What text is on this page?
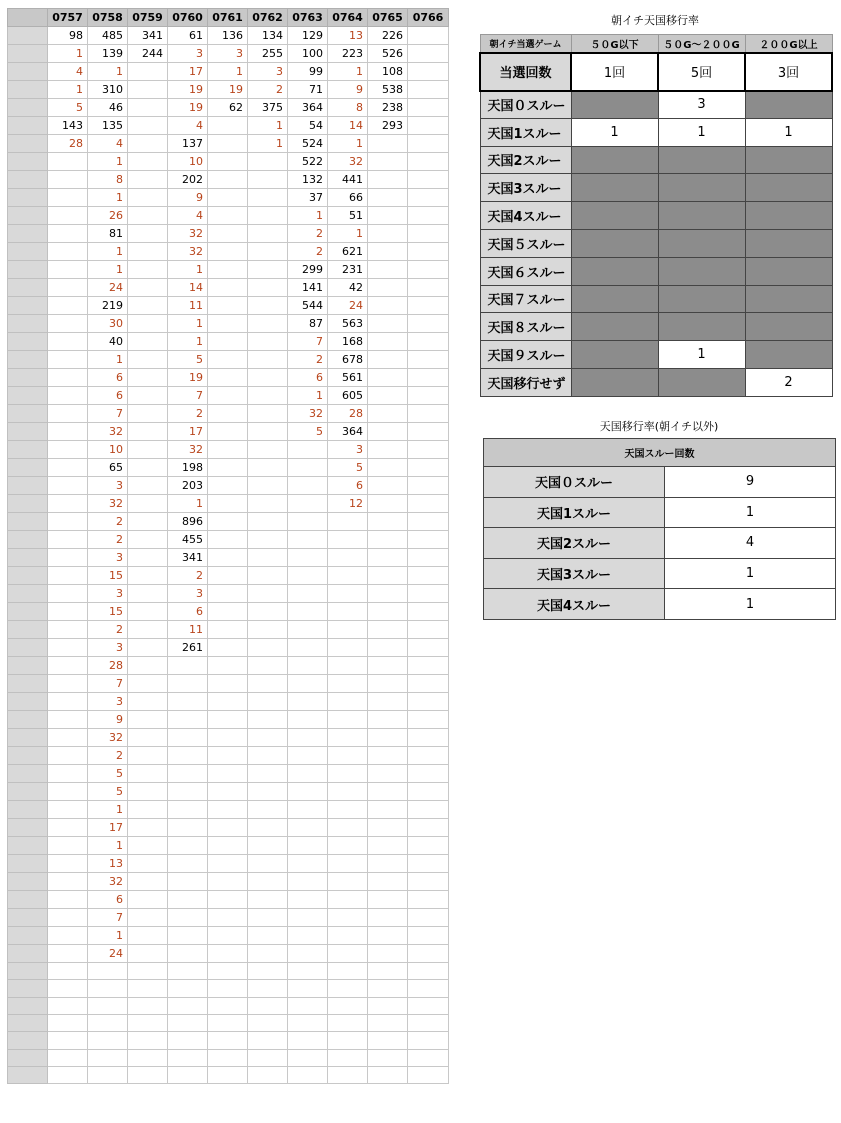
	0757	0758	0759	0760	0761	0762	0763	0764	0765	0766
	98	485	341	61	136	134	129	13	226	
	1	139	244	3	3	255	100	223	526	
	4	1		17	1	3	99	1	108	
	1	310		19	19	2	71	9	538	
	5	46		19	62	375	364	8	238	
	143	135		4		1	54	14	293	
	28	4		137		1	524	1		
		1		10			522	32		
		8		202			132	441		
		1		9			37	66		
		26		4			1	51		
		81		32			2	1		
		1		32			2	621		
		1		1			299	231		
		24		14			141	42		
		219		11			544	24		
		30		1			87	563		
		40		1			7	168		
		1		5			2	678		
		6		19			6	561		
		6		7			1	605		
		7		2			32	28		
		32		17			5	364		
		10		32				3		
		65		198				5		
		3		203				6		
		32		1				12		
		2		896						
		2		455						
		3		341						
		15		2						
		3		3						
		15		6						
		2		11						
		3		261						
		28								
		7								
		3								
		9								
		32								
		2								
		5								
		5								
		1								
		17								
		1								
		13								
		32								
		6								
		7								
		1								
		24								

朝イチ天国移行率
朝イチ当選ゲーム	５０G以下	５０G～２００G	２００G以上
当選回数	1回	5回	3回
天国０スルー		3	
天国1スルー	1	1	1
天国2スルー			
天国3スルー			
天国4スルー			
天国５スルー			
天国６スルー			
天国７スルー			
天国８スルー			
天国９スルー		1	
天国移行せず			2
天国移行率(朝イチ以外)
天国スルー回数	
天国０スルー	9
天国1スルー	1
天国2スルー	4
天国3スルー	1
天国4スルー	1
